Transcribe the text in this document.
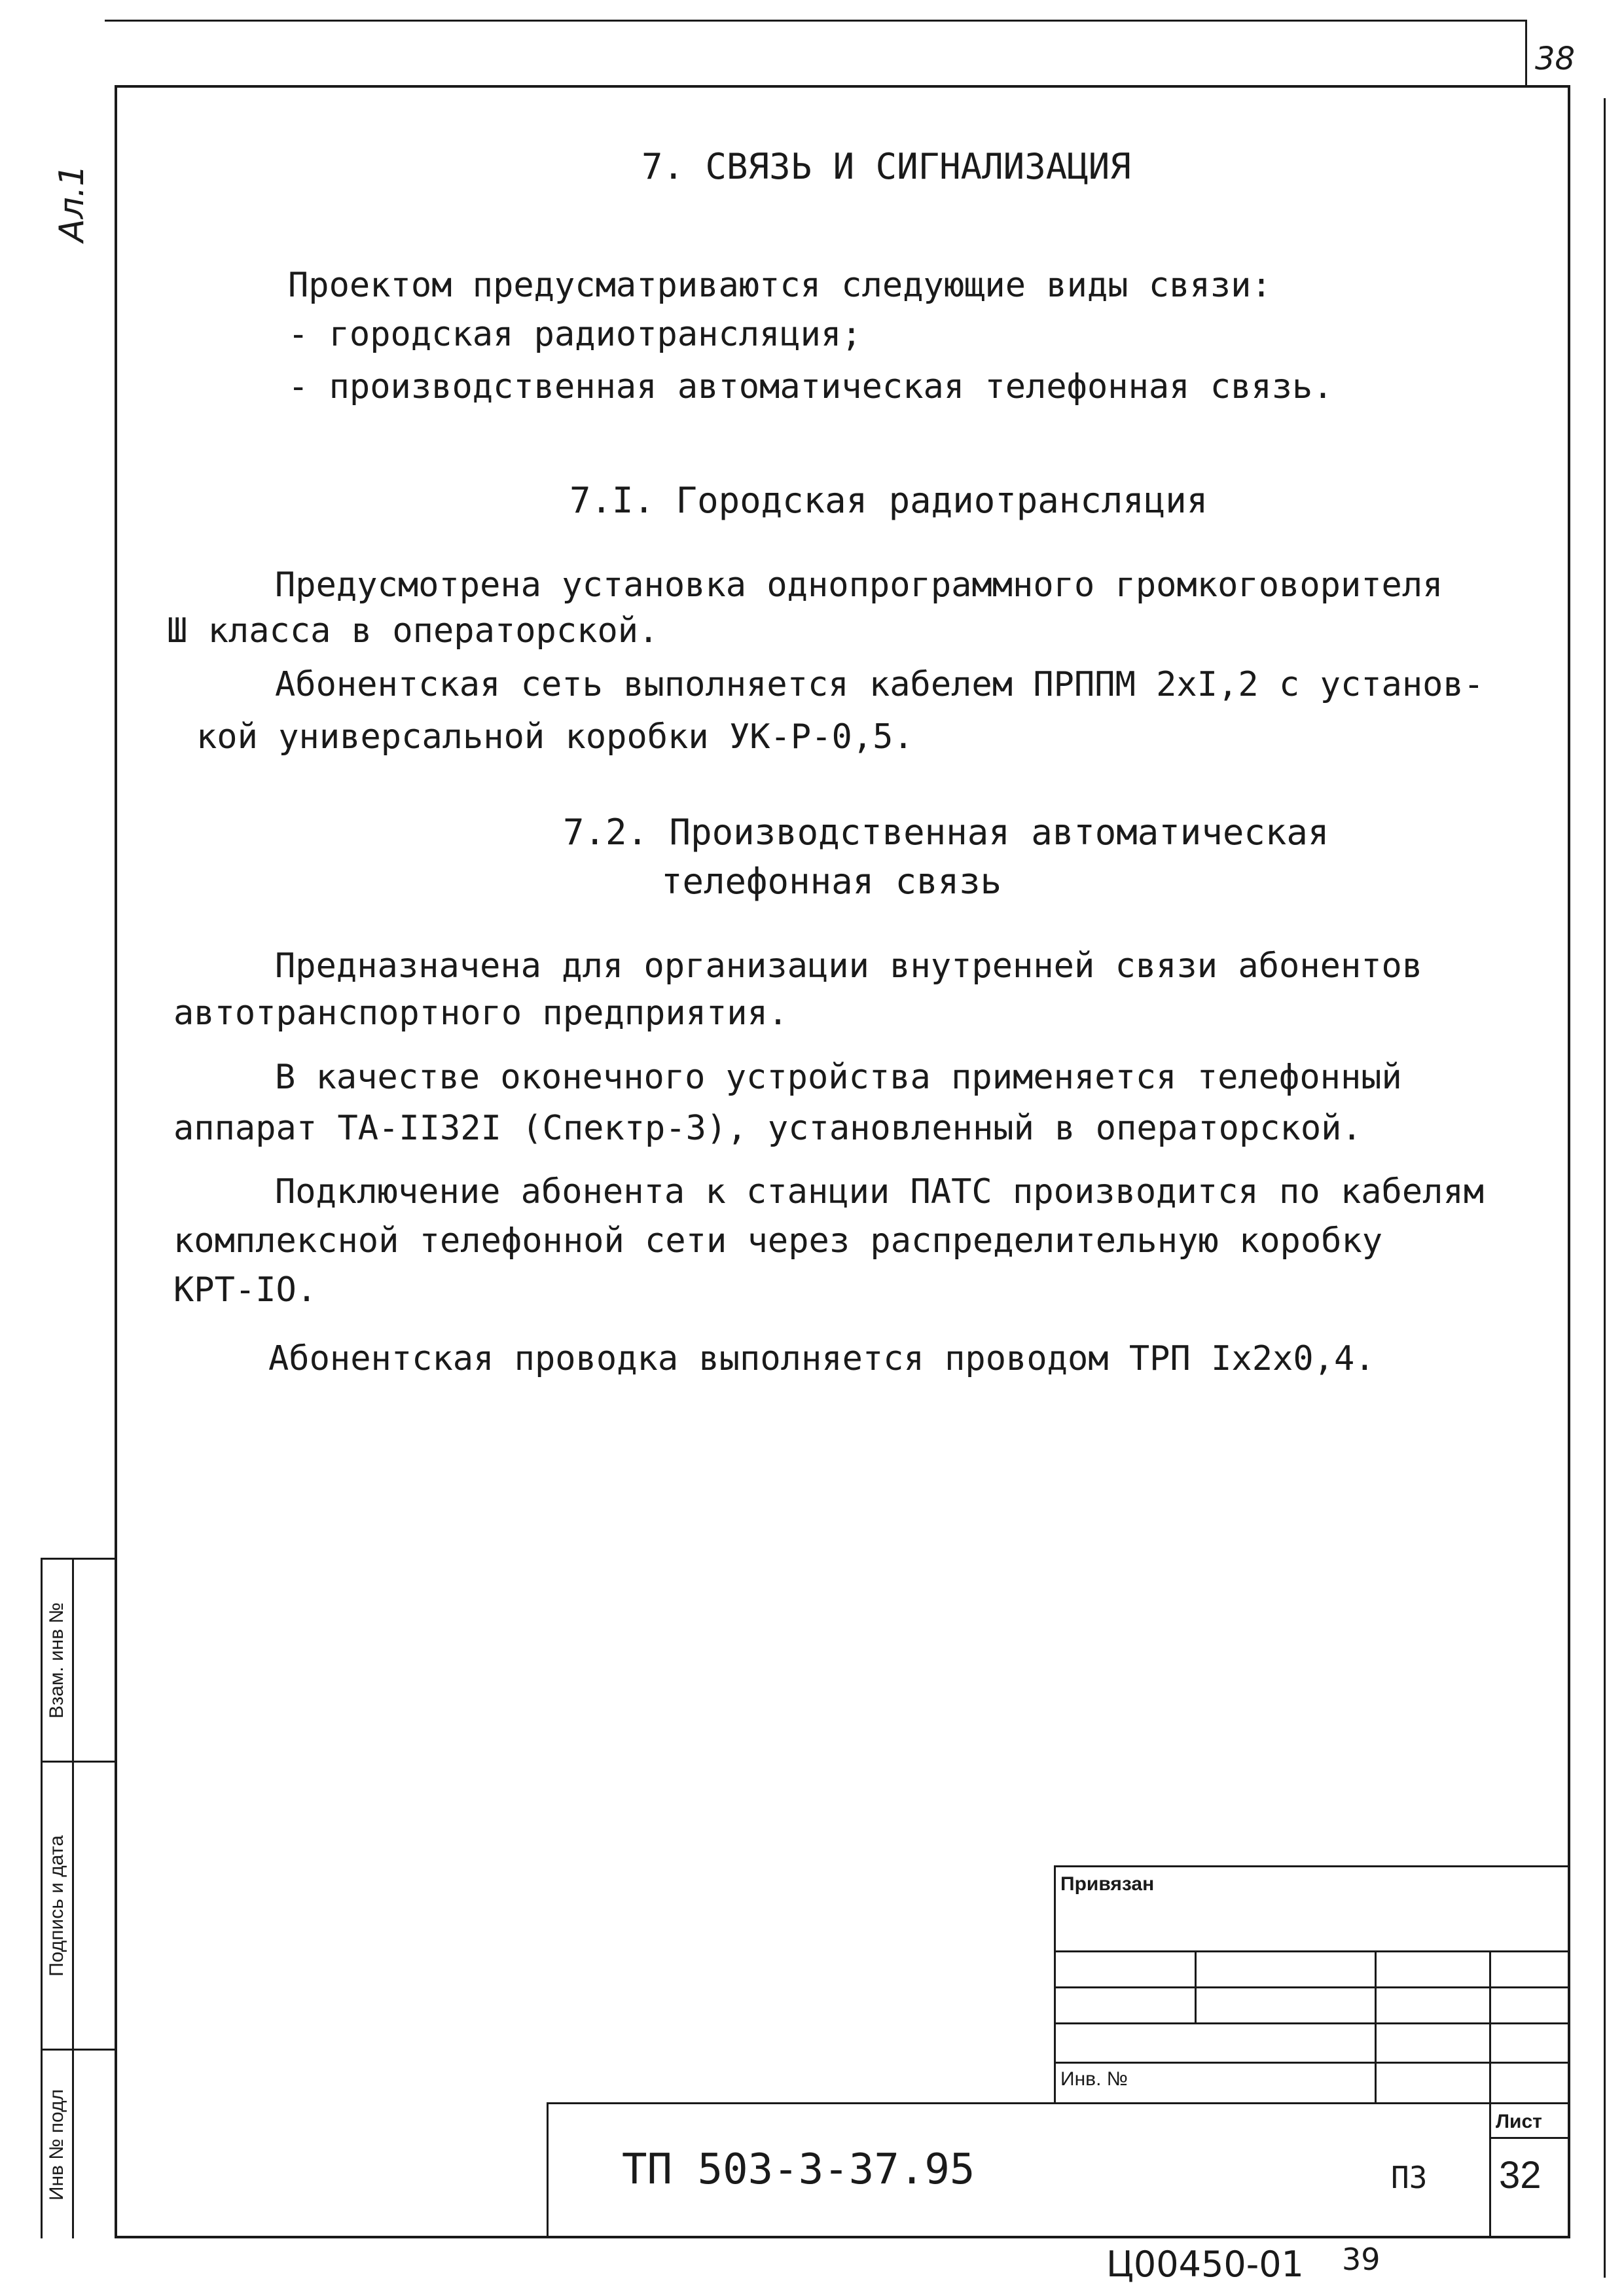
38
Ал.1	7. СВЯЗЬ И СИГНАЛИЗАЦИЯ
Проектом предусматриваются следующие виды связи:
- городская радиотрансляция;
- производственная автоматическая телефонная связь.
7.I. Городская радиотрансляция
Предусмотрена установка однопрограммного громкоговорителя
Ш класса в операторской.
Абонентская сеть выполняется кабелем ПРППМ 2хI,2 с установ-
кой универсальной коробки УК-Р-0,5.
7.2. Производственная автоматическая
телефонная связь
Предназначена для организации внутренней связи абонентов
автотранспортного предприятия.
В качестве оконечного устройства применяется телефонный
аппарат ТА-II32I (Спектр-3), установленный в операторской.
Подключение абонента к станции ПАТС производится по кабелям
комплексной телефонной сети через распределительную коробку
КРТ-IO.
Абонентская проводка выполняется проводом ТРП Iх2х0,4.
Взам. инв №
Подпись и дата
Инв № подл
Привязан
Инв. №
ТП 503-3-37.95	ПЗ
Лист
32
Ц00450-01 39
